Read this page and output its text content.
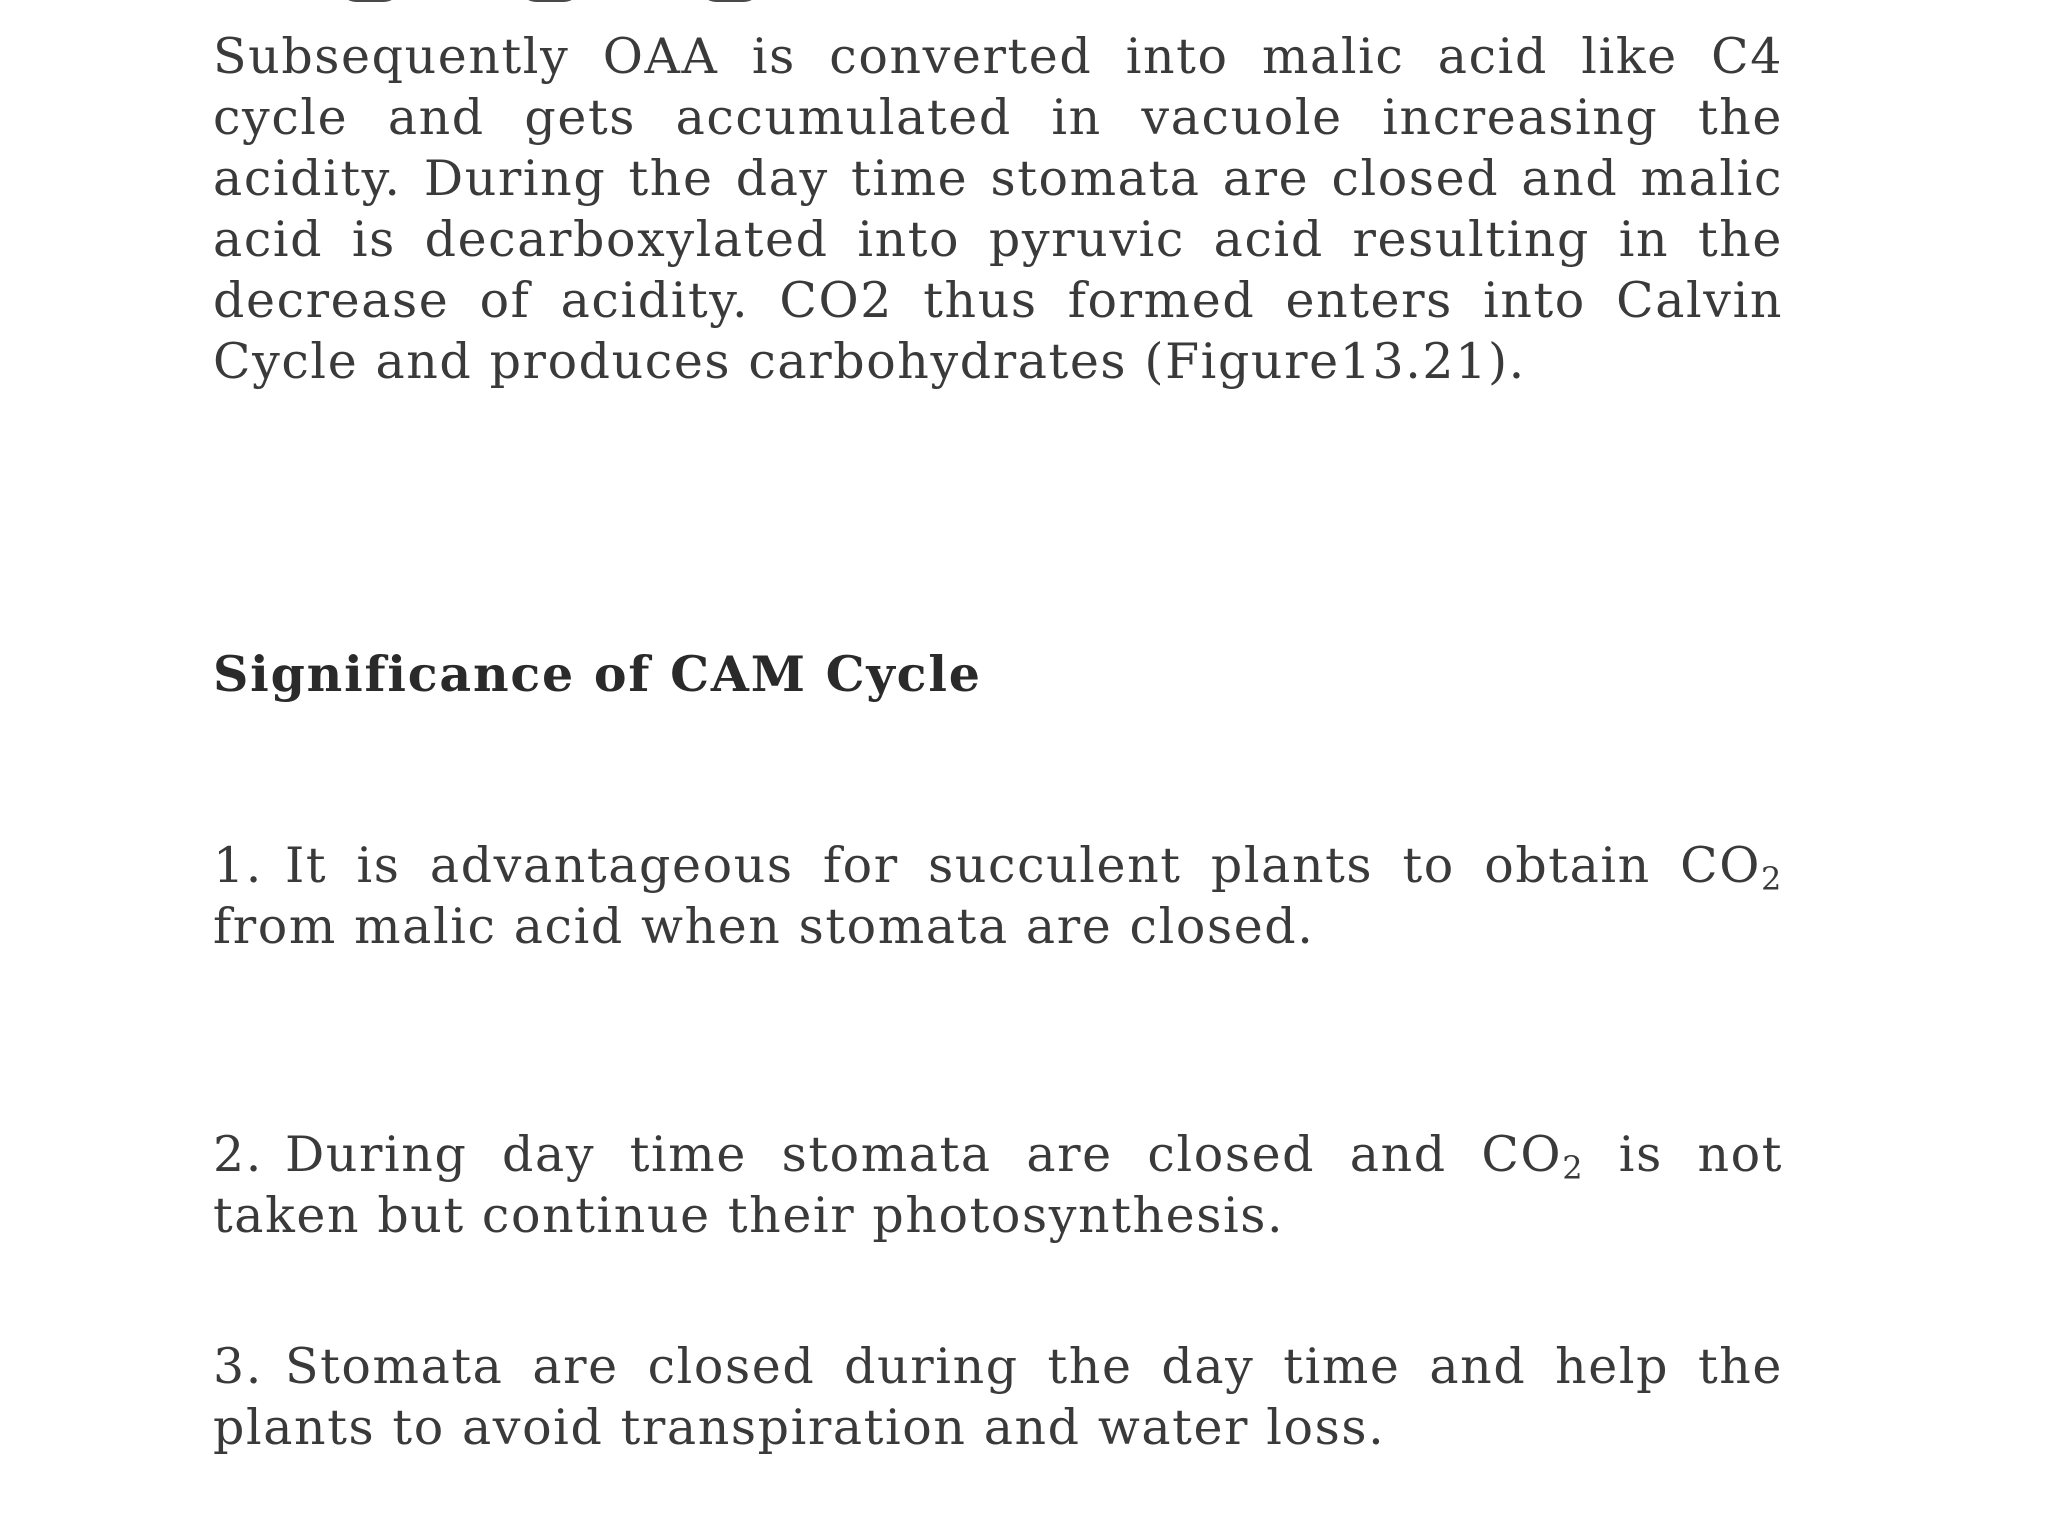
Subsequently OAA is converted into malic acid like C4 cycle and gets accumulated in vacuole increasing the acidity. During the day time stomata are closed and malic acid is decarboxylated into pyruvic acid resulting in the decrease of acidity. CO2 thus formed enters into Calvin Cycle and produces carbohydrates (Figure13.21).

Significance of CAM Cycle

1. It is advantageous for succulent plants to obtain $CO_2$ from malic acid when stomata are closed.

2. During day time stomata are closed and $CO_2$ is not taken but continue their photosynthesis.

3. Stomata are closed during the day time and help the plants to avoid transpiration and water loss.
